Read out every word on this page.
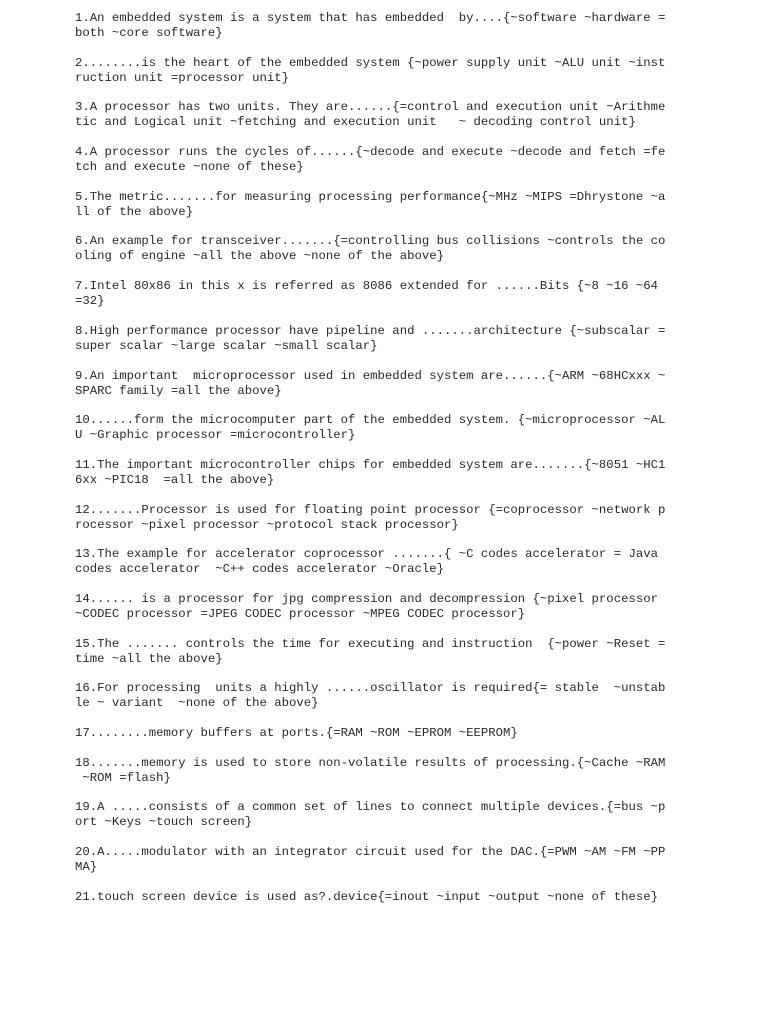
1.An embedded system is a system that has embedded  by....{~software ~hardware =
both ~core software}
2........is the heart of the embedded system {~power supply unit ~ALU unit ~inst
ruction unit =processor unit}
3.A processor has two units. They are......{=control and execution unit ~Arithme
tic and Logical unit ~fetching and execution unit   ~ decoding control unit}
4.A processor runs the cycles of......{~decode and execute ~decode and fetch =fe
tch and execute ~none of these}
5.The metric.......for measuring processing performance{~MHz ~MIPS =Dhrystone ~a
ll of the above}
6.An example for transceiver.......{=controlling bus collisions ~controls the co
oling of engine ~all the above ~none of the above}
7.Intel 80x86 in this x is referred as 8086 extended for ......Bits {~8 ~16 ~64
=32}
8.High performance processor have pipeline and .......architecture {~subscalar =
super scalar ~large scalar ~small scalar}
9.An important  microprocessor used in embedded system are......{~ARM ~68HCxxx ~
SPARC family =all the above}
10......form the microcomputer part of the embedded system. {~microprocessor ~AL
U ~Graphic processor =microcontroller}
11.The important microcontroller chips for embedded system are.......{~8051 ~HC1
6xx ~PIC18  =all the above}
12.......Processor is used for floating point processor {=coprocessor ~network p
rocessor ~pixel processor ~protocol stack processor}
13.The example for accelerator coprocessor .......{ ~C codes accelerator = Java
codes accelerator  ~C++ codes accelerator ~Oracle}
14...... is a processor for jpg compression and decompression {~pixel processor
~CODEC processor =JPEG CODEC processor ~MPEG CODEC processor}
15.The ....... controls the time for executing and instruction  {~power ~Reset =
time ~all the above}
16.For processing  units a highly ......oscillator is required{= stable  ~unstab
le ~ variant  ~none of the above}
17........memory buffers at ports.{=RAM ~ROM ~EPROM ~EEPROM}
18.......memory is used to store non-volatile results of processing.{~Cache ~RAM
~ROM =flash}
19.A .....consists of a common set of lines to connect multiple devices.{=bus ~p
ort ~Keys ~touch screen}
20.A.....modulator with an integrator circuit used for the DAC.{=PWM ~AM ~FM ~PP
MA}
21.touch screen device is used as?.device{=inout ~input ~output ~none of these}
